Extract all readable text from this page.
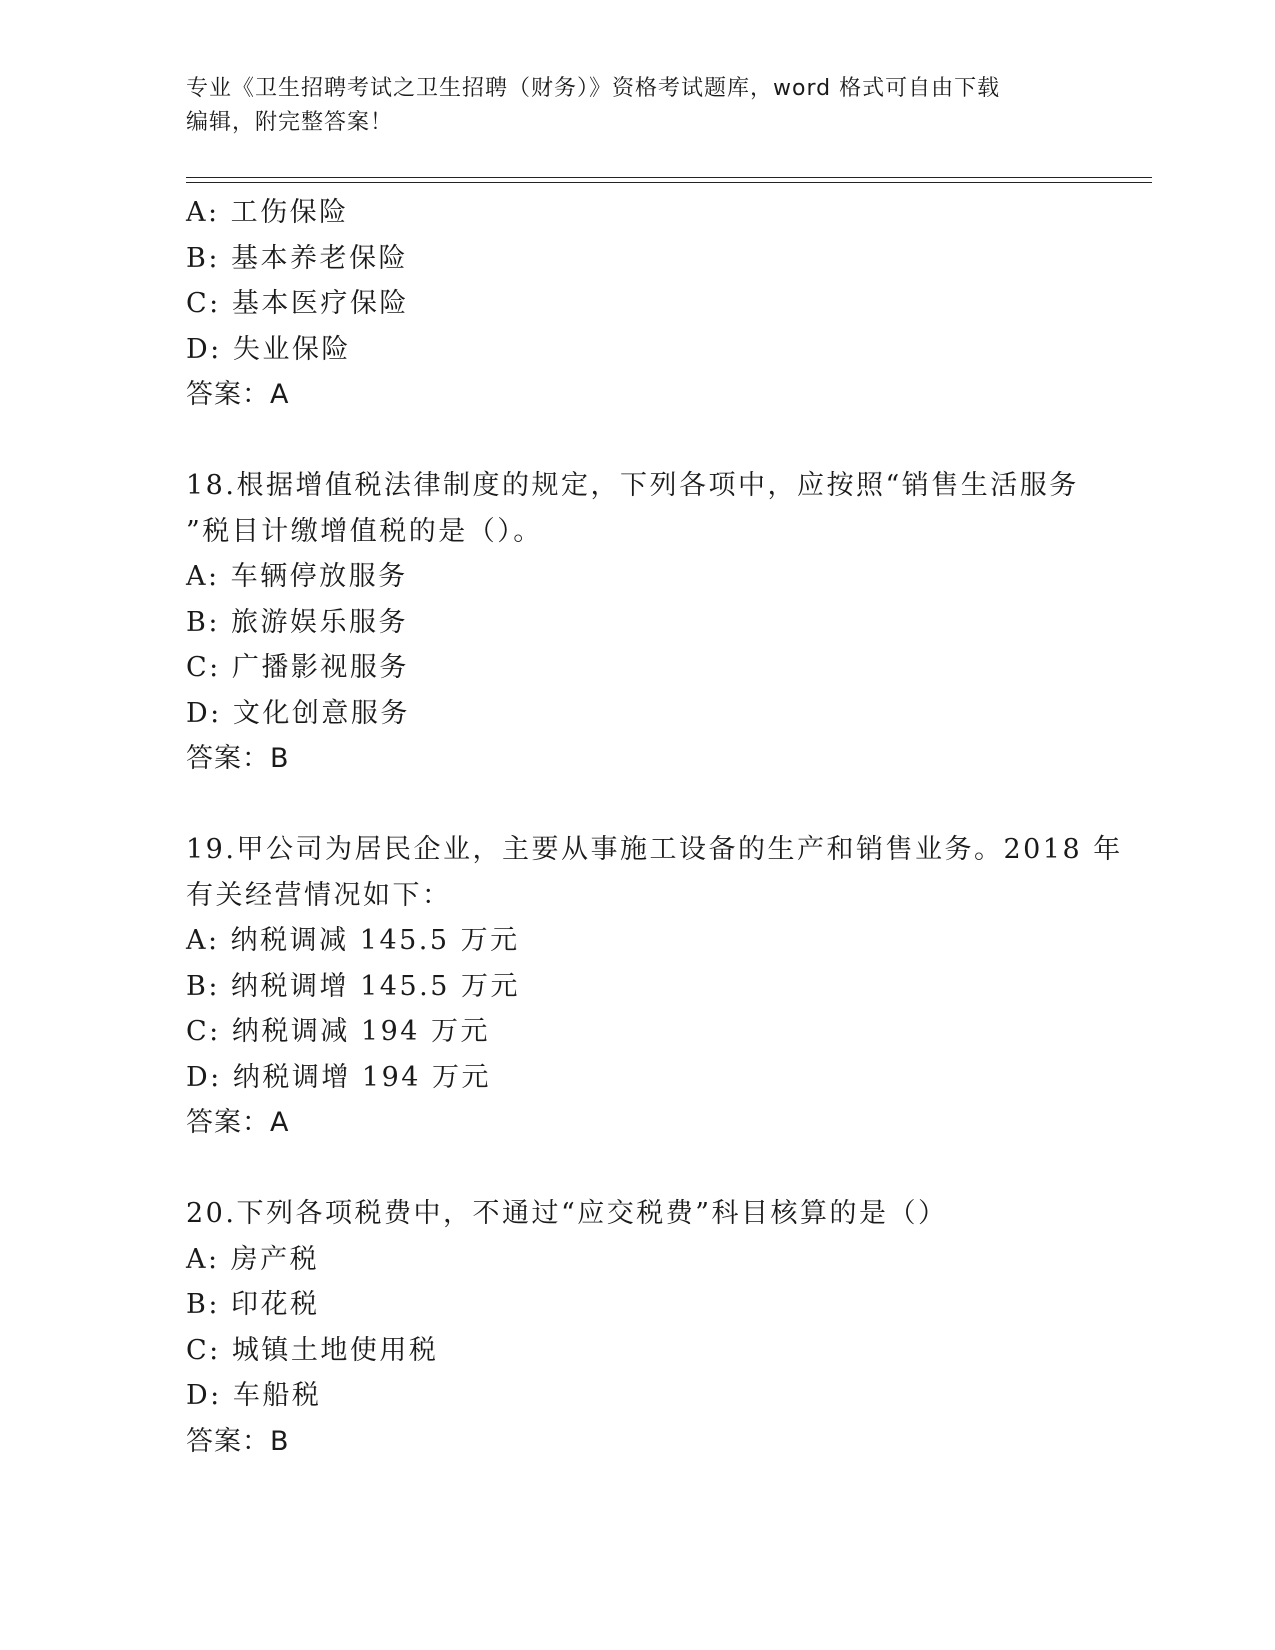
专业《卫生招聘考试之卫生招聘（财务）》资格考试题库，word 格式可自由下载
编辑，附完整答案！
A: 工伤保险
B: 基本养老保险
C: 基本医疗保险
D: 失业保险
答案：A
18.根据增值税法律制度的规定，下列各项中，应按照“销售生活服务
”税目计缴增值税的是（）。
A: 车辆停放服务
B: 旅游娱乐服务
C: 广播影视服务
D: 文化创意服务
答案：B
19.甲公司为居民企业，主要从事施工设备的生产和销售业务。2018 年
有关经营情况如下：
A: 纳税调减 145.5 万元
B: 纳税调增 145.5 万元
C: 纳税调减 194 万元
D: 纳税调增 194 万元
答案：A
20.下列各项税费中，不通过“应交税费”科目核算的是（）
A: 房产税
B: 印花税
C: 城镇土地使用税
D: 车船税
答案：B
